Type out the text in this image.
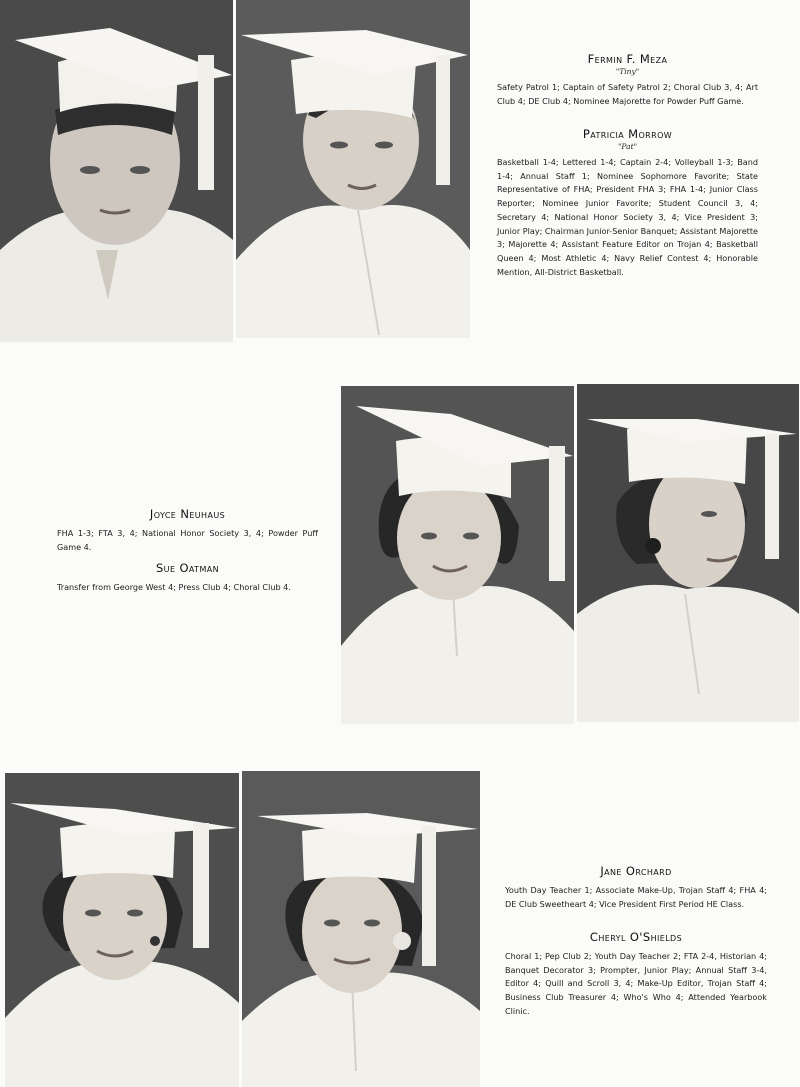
Fermin F. Meza

"Tiny"

Safety Patrol 1; Captain of Safety Patrol 2; Choral Club 3, 4; Art Club 4; DE Club 4; Nominee Majorette for Powder Puff Game.

Patricia Morrow

"Pat"

Basketball 1-4; Lettered 1-4; Captain 2-4; Volleyball 1-3; Band 1-4; Annual Staff 1; Nominee Sophomore Favorite; State Representative of FHA; President FHA 3; FHA 1-4; Junior Class Reporter; Nominee Junior Favorite; Student Council 3, 4; Secretary 4; National Honor Society 3, 4; Vice President 3; Junior Play; Chairman Junior-Senior Banquet; Assistant Majorette 3; Majorette 4; Assistant Feature Editor on Trojan 4; Basketball Queen 4; Most Athletic 4; Navy Relief Contest 4; Honorable Mention, All-District Basketball.

Joyce Neuhaus

FHA 1-3; FTA 3, 4; National Honor Society 3, 4; Powder Puff Game 4.

Sue Oatman

Transfer from George West 4; Press Club 4; Choral Club 4.

Jane Orchard

Youth Day Teacher 1; Associate Make-Up, Trojan Staff 4; FHA 4; DE Club Sweetheart 4; Vice President First Period HE Class.

Cheryl O'Shields

Choral 1; Pep Club 2; Youth Day Teacher 2; FTA 2-4, Historian 4; Banquet Decorator 3; Prompter, Junior Play; Annual Staff 3-4, Editor 4; Quill and Scroll 3, 4; Make-Up Editor, Trojan Staff 4; Business Club Treasurer 4; Who's Who 4; Attended Yearbook Clinic.
